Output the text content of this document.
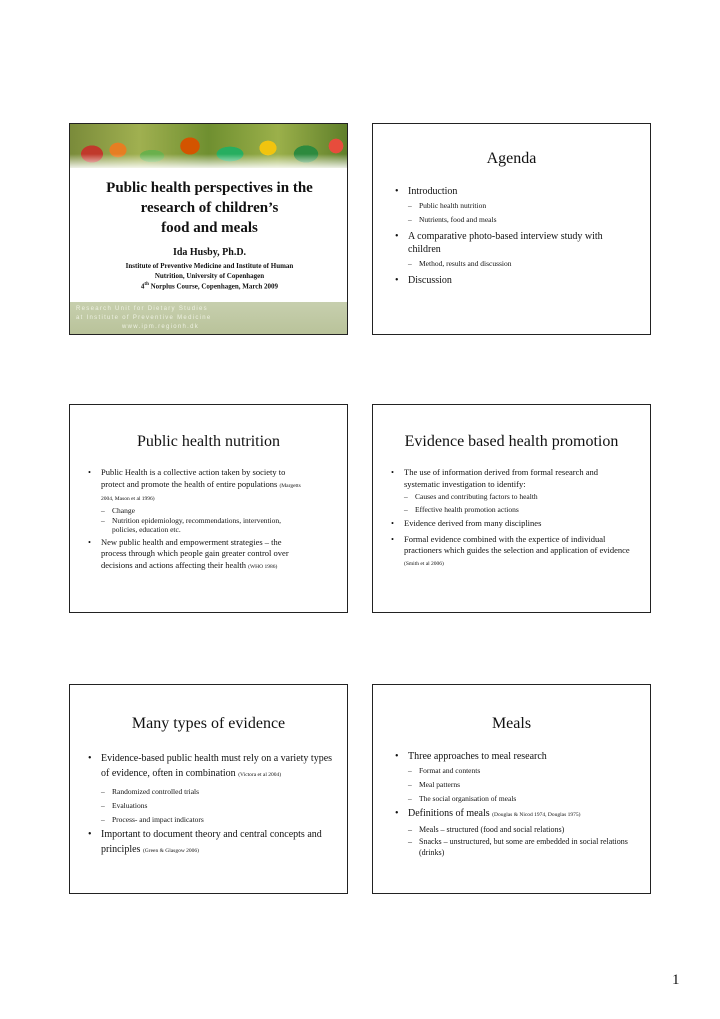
Public health perspectives in the
research of children’s
food and meals
Ida Husby, Ph.D.
Institute of Preventive Medicine and Institute of Human
Nutrition, University of Copenhagen
4th Norplus Course, Copenhagen, March 2009
Research Unit for Dietary Studies
at Institute of Preventive Medicine
www.ipm.regionh.dk
Agenda
• Introduction
– Public health nutrition
– Nutrients, food and meals
• A comparative photo-based interview study with children
– Method, results and discussion
• Discussion
Public health nutrition
• Public Health is a collective action taken by society to protect and promote the health of entire populations (Margetts 2004, Mason et al 1996)
– Change
– Nutrition epidemiology, recommendations, intervention, policies, education etc.
• New public health and empowerment strategies – the process through which people gain greater control over decisions and actions affecting their health (WHO 1986)
Evidence based health promotion
• The use of information derived from formal research and systematic investigation to identify:
– Causes and contributing factors to health
– Effective health promotion actions
• Evidence derived from many disciplines
• Formal evidence combined with the expertice of individual practioners which guides the selection and application of evidence (Smith et al 2006)
Many types of evidence
• Evidence-based public health must rely on a variety types of evidence, often in combination (Victora et al 2004)
– Randomized controlled trials
– Evaluations
– Process- and impact indicators
• Important to document theory and central concepts and principles (Green & Glasgow 2006)
Meals
• Three approaches to meal research
– Format and contents
– Meal patterns
– The social organisation of meals
• Definitions of meals (Douglas & Nicod 1974, Douglas 1975)
– Meals – structured (food and social relations)
– Snacks – unstructured, but some are embedded in social relations (drinks)
1
